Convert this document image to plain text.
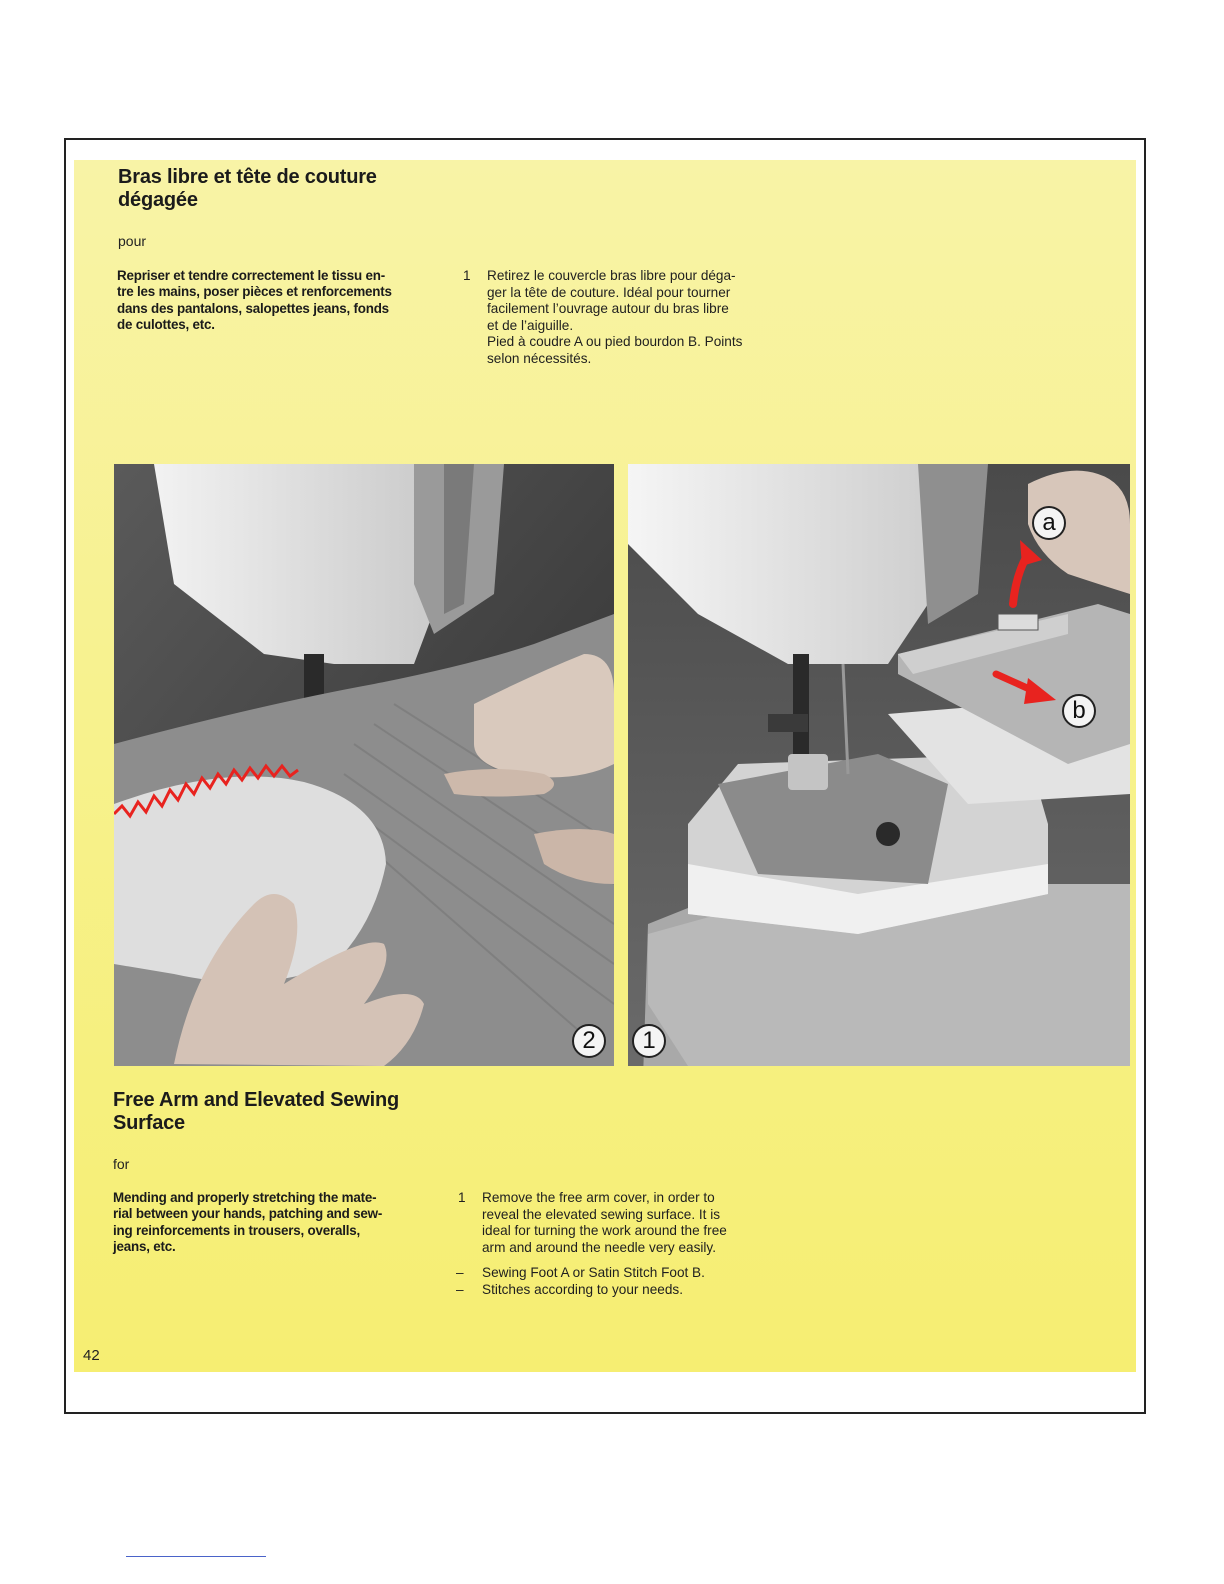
Bras libre et tête de couture
dégagée
pour
Repriser et tendre correctement le tissu en-
tre les mains, poser pièces et renforcements
dans des pantalons, salopettes jeans, fonds
de culottes, etc.
1 Retirez le couvercle bras libre pour déga-
ger la tête de couture. Idéal pour tourner
facilement l’ouvrage autour du bras libre
et de l’aiguille.
Pied à coudre A ou pied bourdon B. Points
selon nécessités.
2
a
b
1
Free Arm and Elevated Sewing
Surface
for
Mending and properly stretching the mate-
rial between your hands, patching and sew-
ing reinforcements in trousers, overalls,
jeans, etc.
1 Remove the free arm cover, in order to
reveal the elevated sewing surface. It is
ideal for turning the work around the free
arm and around the needle very easily.
– Sewing Foot A or Satin Stitch Foot B.
– Stitches according to your needs.
42
